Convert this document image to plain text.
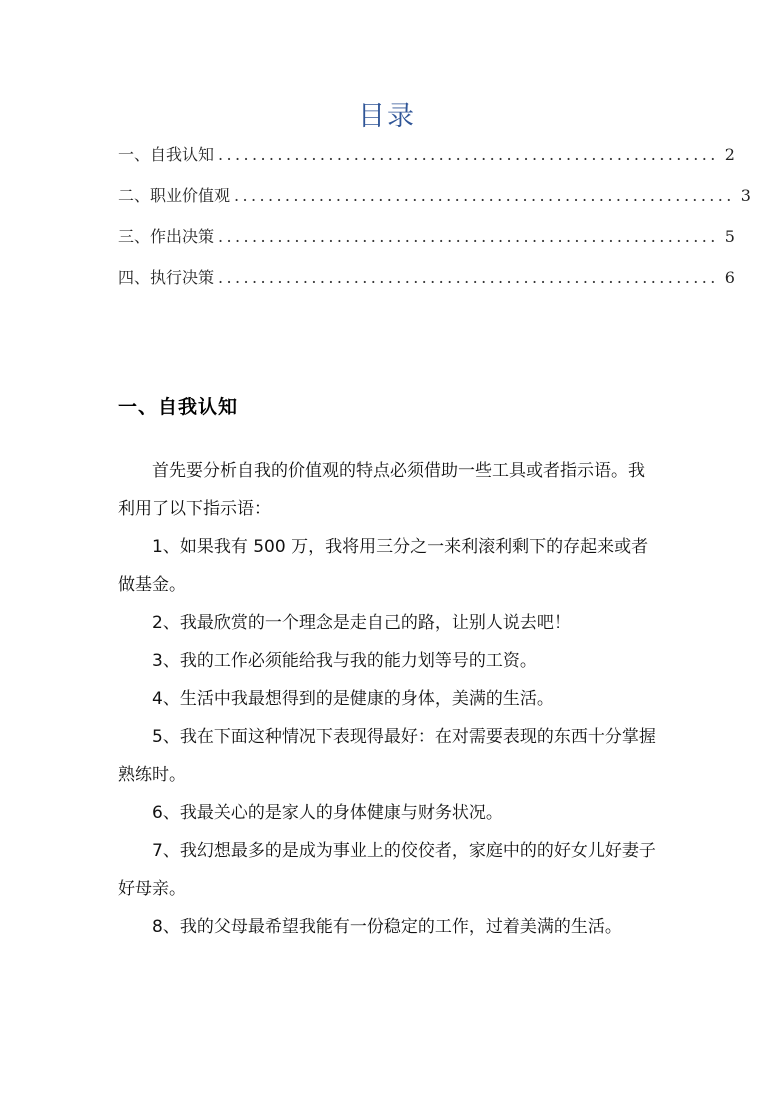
目录
一、自我认知 ........................................................... 2
二、职业价值观 ........................................................... 3
三、作出决策 ........................................................... 5
四、执行决策 ........................................................... 6
一、自我认知

首先要分析自我的价值观的特点必须借助一些工具或者指示语。我利用了以下指示语：

1、如果我有 500 万，我将用三分之一来利滚利剩下的存起来或者做基金。

2、我最欣赏的一个理念是走自己的路，让别人说去吧！

3、我的工作必须能给我与我的能力划等号的工资。

4、生活中我最想得到的是健康的身体，美满的生活。

5、我在下面这种情况下表现得最好：在对需要表现的东西十分掌握熟练时。

6、我最关心的是家人的身体健康与财务状况。

7、我幻想最多的是成为事业上的佼佼者，家庭中的的好女儿好妻子好母亲。

8、我的父母最希望我能有一份稳定的工作，过着美满的生活。
